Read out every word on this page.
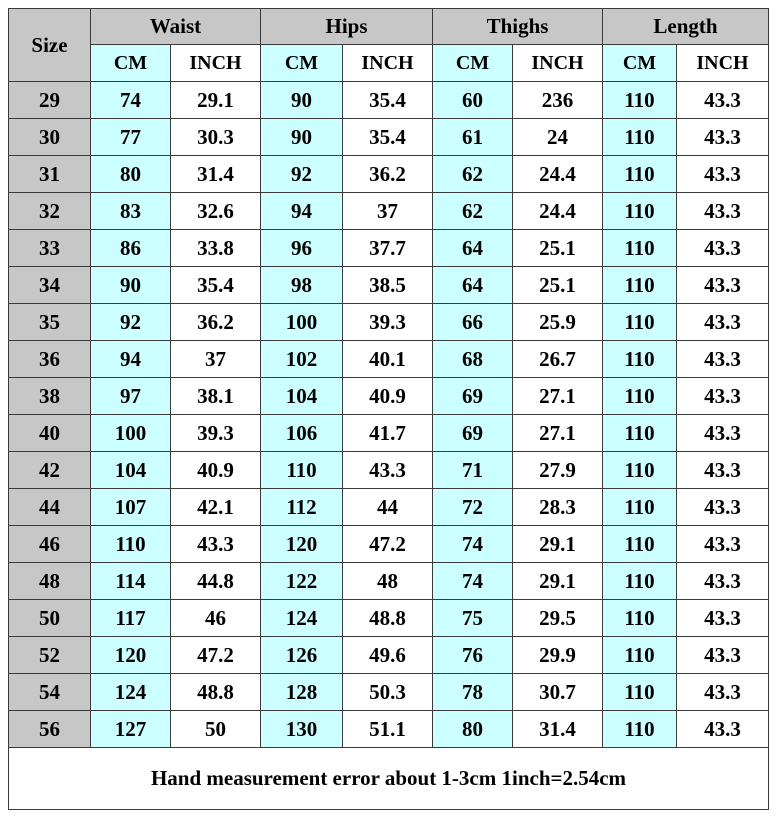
Size	Waist		Hips		Thighs		Length	
	CM	INCH	CM	INCH	CM	INCH	CM	INCH
29	74	29.1	90	35.4	60	236	110	43.3
30	77	30.3	90	35.4	61	24	110	43.3
31	80	31.4	92	36.2	62	24.4	110	43.3
32	83	32.6	94	37	62	24.4	110	43.3
33	86	33.8	96	37.7	64	25.1	110	43.3
34	90	35.4	98	38.5	64	25.1	110	43.3
35	92	36.2	100	39.3	66	25.9	110	43.3
36	94	37	102	40.1	68	26.7	110	43.3
38	97	38.1	104	40.9	69	27.1	110	43.3
40	100	39.3	106	41.7	69	27.1	110	43.3
42	104	40.9	110	43.3	71	27.9	110	43.3
44	107	42.1	112	44	72	28.3	110	43.3
46	110	43.3	120	47.2	74	29.1	110	43.3
48	114	44.8	122	48	74	29.1	110	43.3
50	117	46	124	48.8	75	29.5	110	43.3
52	120	47.2	126	49.6	76	29.9	110	43.3
54	124	48.8	128	50.3	78	30.7	110	43.3
56	127	50	130	51.1	80	31.4	110	43.3
Hand measurement error about 1-3cm 1inch=2.54cm								
